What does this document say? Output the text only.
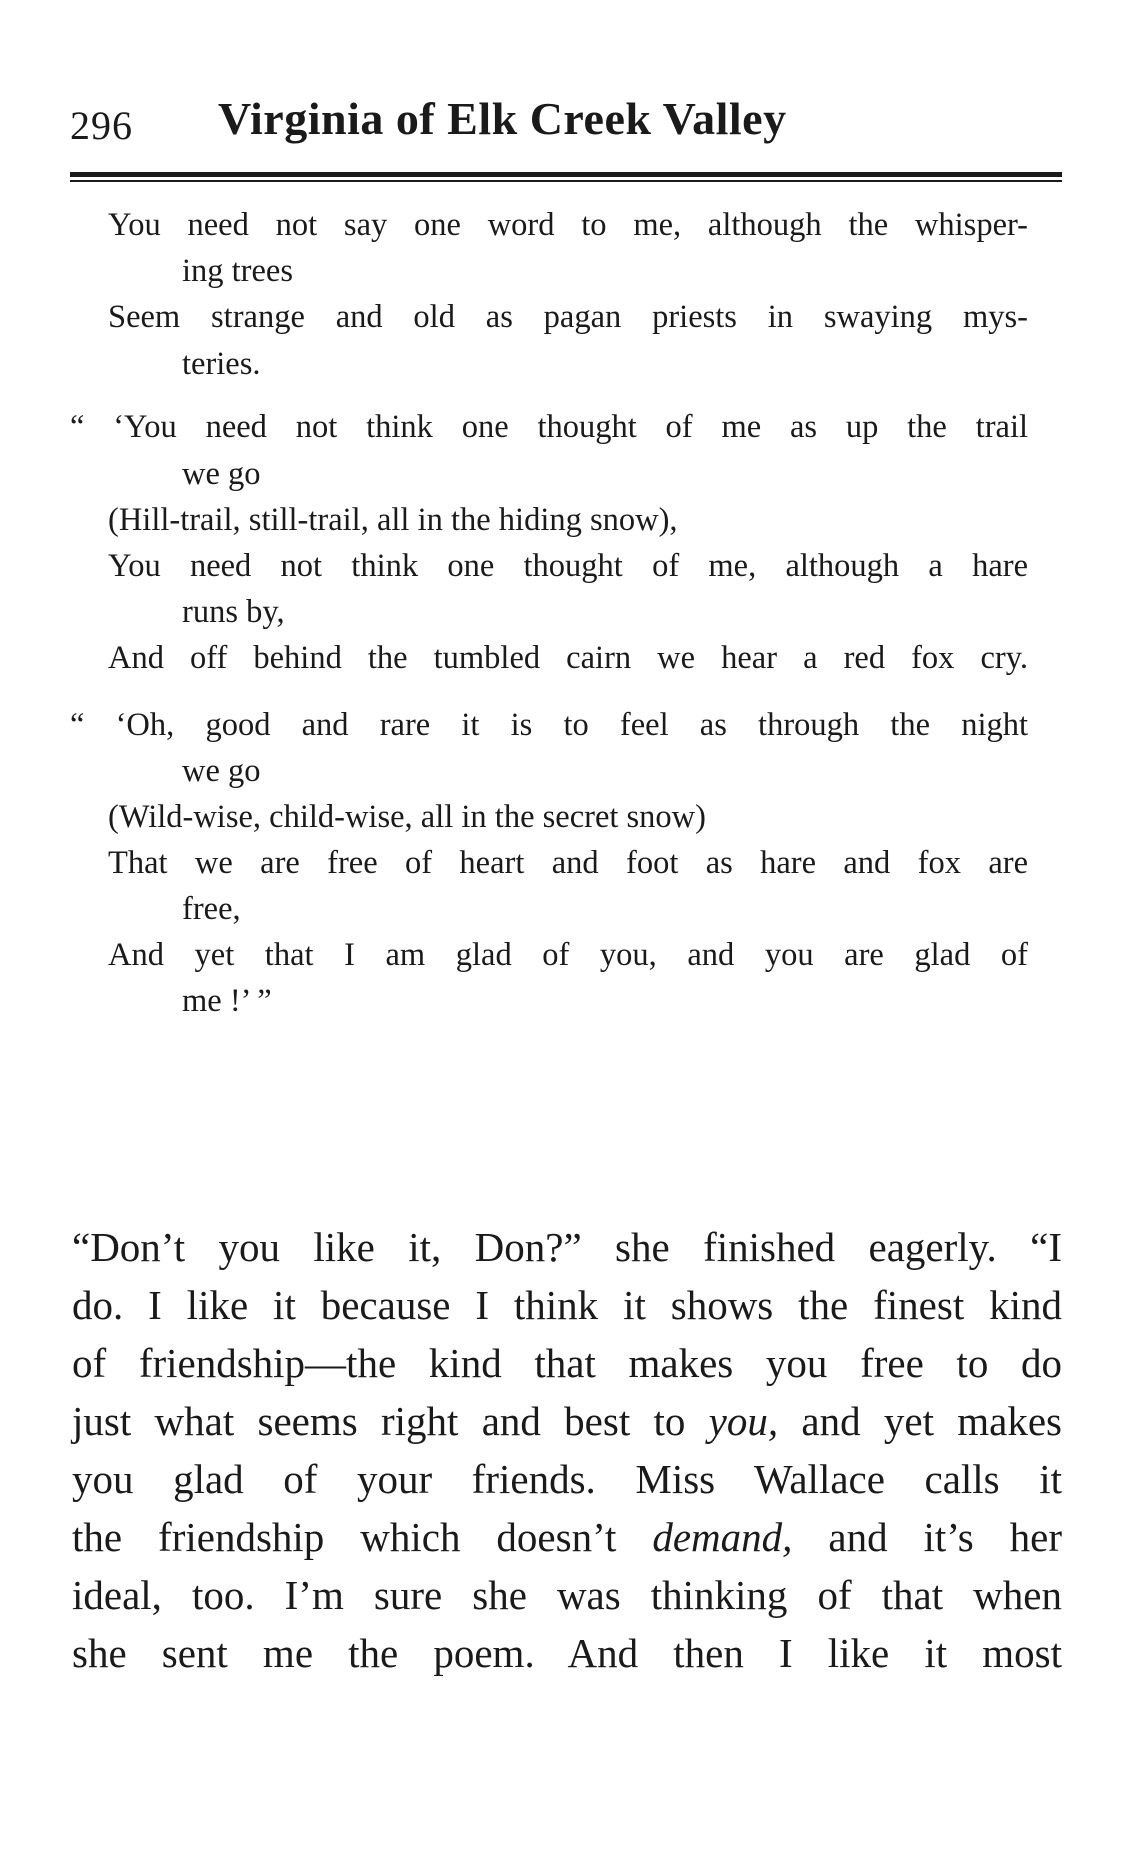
296 Virginia of Elk Creek Valley
You need not say one word to me, although the whisper-
ing trees
Seem strange and old as pagan priests in swaying mys-
teries.
“ ‘You need not think one thought of me as up the trail
we go
(Hill-trail, still-trail, all in the hiding snow),
You need not think one thought of me, although a hare
runs by,
And off behind the tumbled cairn we hear a red fox cry.
“ ‘Oh, good and rare it is to feel as through the night
we go
(Wild-wise, child-wise, all in the secret snow)
That we are free of heart and foot as hare and fox are
free,
And yet that I am glad of you, and you are glad of
me !’ ”
“Don’t you like it, Don?” she finished eagerly. “I
do. I like it because I think it shows the finest kind
of friendship—the kind that makes you free to do
just what seems right and best to you, and yet makes
you glad of your friends. Miss Wallace calls it
the friendship which doesn’t demand, and it’s her
ideal, too. I’m sure she was thinking of that when
she sent me the poem. And then I like it most
